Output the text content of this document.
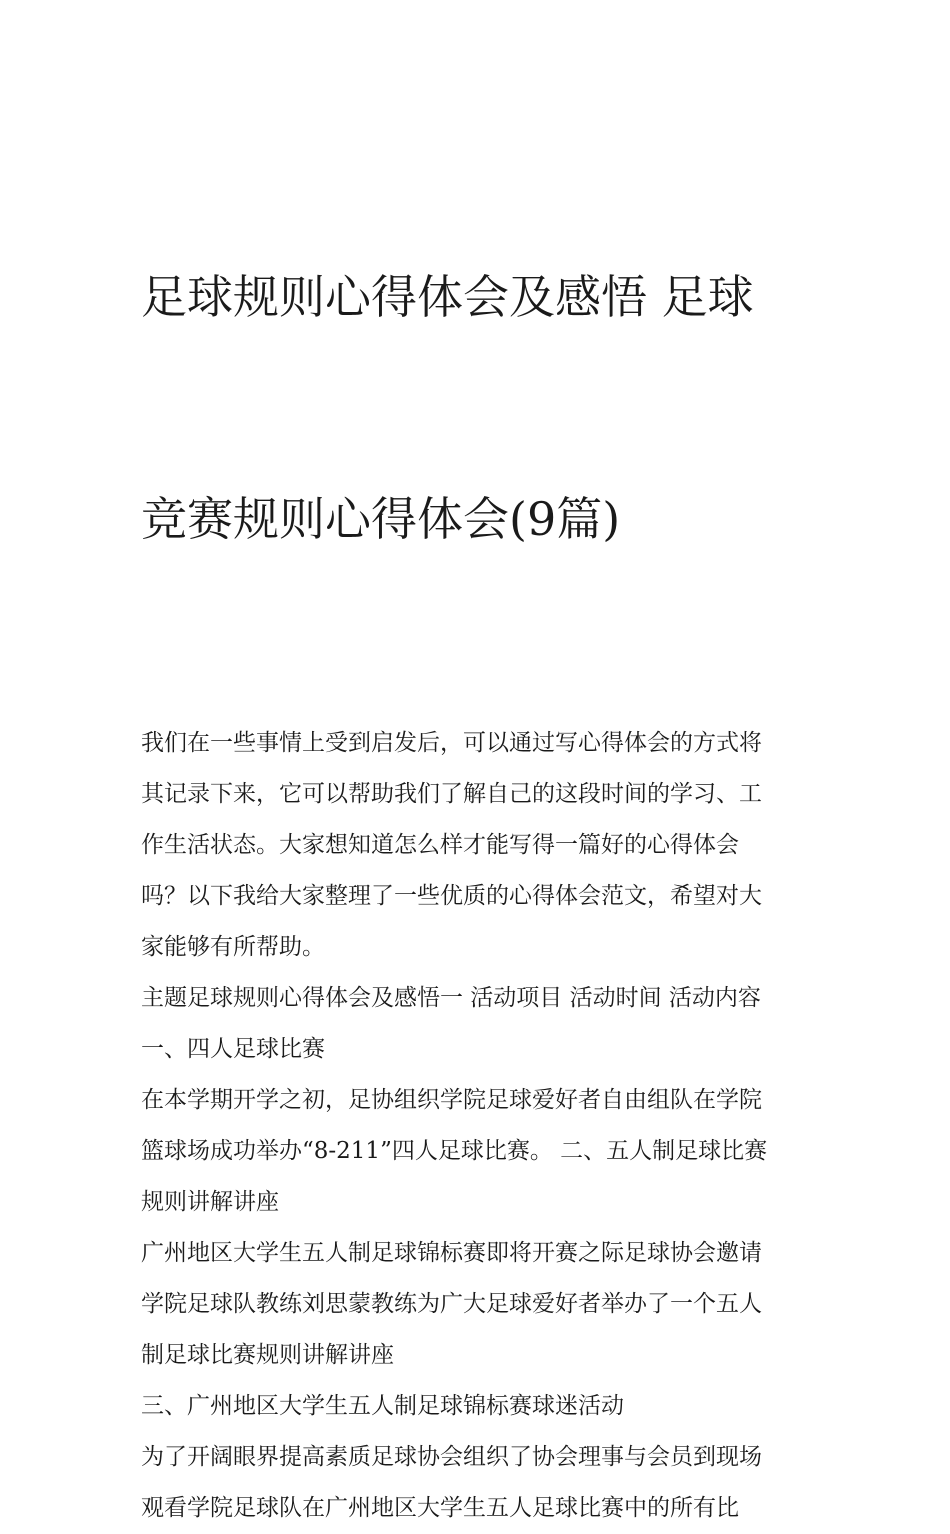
足球规则心得体会及感悟 足球

竞赛规则心得体会(9篇)

我们在一些事情上受到启发后，可以通过写心得体会的方式将
其记录下来，它可以帮助我们了解自己的这段时间的学习、工
作生活状态。大家想知道怎么样才能写得一篇好的心得体会
吗？以下我给大家整理了一些优质的心得体会范文，希望对大
家能够有所帮助。
主题足球规则心得体会及感悟一 活动项目 活动时间 活动内容
一、四人足球比赛
在本学期开学之初，足协组织学院足球爱好者自由组队在学院
篮球场成功举办“8-211”四人足球比赛。 二、五人制足球比赛
规则讲解讲座
广州地区大学生五人制足球锦标赛即将开赛之际足球协会邀请
学院足球队教练刘思蒙教练为广大足球爱好者举办了一个五人
制足球比赛规则讲解讲座
三、广州地区大学生五人制足球锦标赛球迷活动
为了开阔眼界提高素质足球协会组织了协会理事与会员到现场
观看学院足球队在广州地区大学生五人足球比赛中的所有比
